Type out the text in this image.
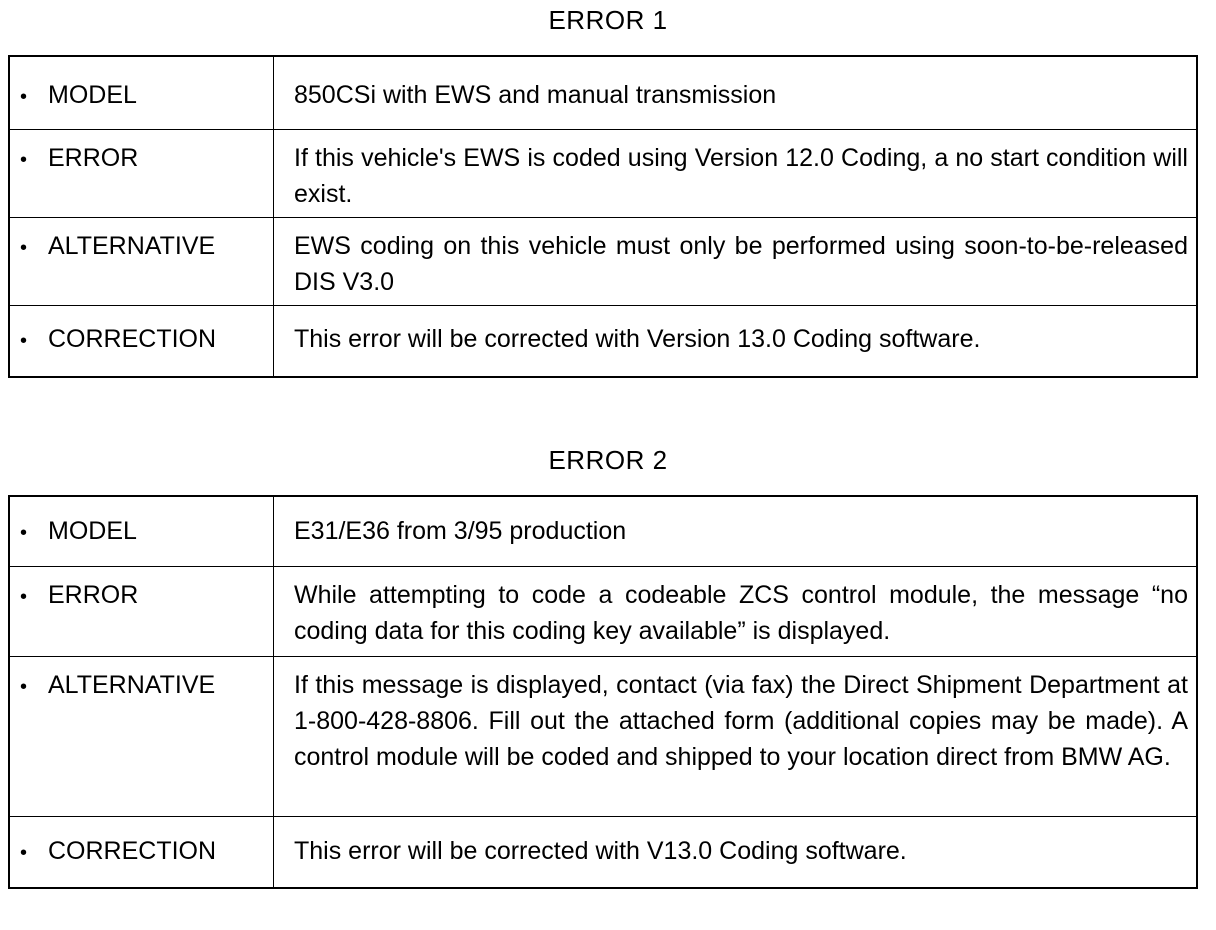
ERROR 1
• MODEL	850CSi with EWS and manual transmission
• ERROR	If this vehicle's EWS is coded using Version 12.0 Coding, a no start condition will exist.
• ALTERNATIVE	EWS coding on this vehicle must only be performed using soon-to-be-released DIS V3.0
• CORRECTION	This error will be corrected with Version 13.0 Coding software.
ERROR 2
• MODEL	E31/E36 from 3/95 production
• ERROR	While attempting to code a codeable ZCS control module, the message “no coding data for this coding key available” is displayed.
• ALTERNATIVE	If this message is displayed, contact (via fax) the Direct Shipment Department at 1-800-428-8806. Fill out the attached form (additional copies may be made). A control module will be coded and shipped to your location direct from BMW AG.
• CORRECTION	This error will be corrected with V13.0 Coding software.
